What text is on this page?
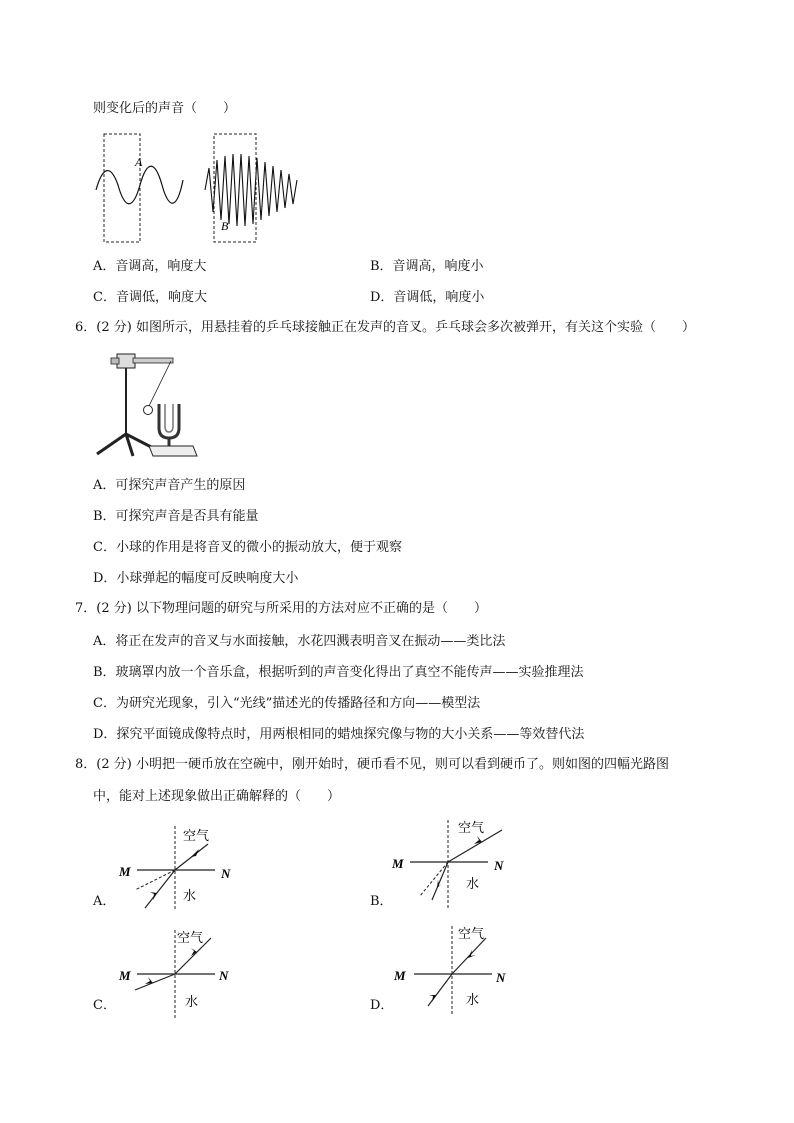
则变化后的声音（　　）
A
B
A．音调高，响度大	B．音调高，响度小
C．音调低，响度大	D．音调低，响度小
6．(2 分) 如图所示，用悬挂着的乒乓球接触正在发声的音叉。乒乓球会多次被弹开，有关这个实验（　　）
A．可探究声音产生的原因
B．可探究声音是否具有能量
C．小球的作用是将音叉的微小的振动放大，便于观察
D．小球弹起的幅度可反映响度大小
7．(2 分) 以下物理问题的研究与所采用的方法对应不正确的是（　　）
A．将正在发声的音叉与水面接触，水花四溅表明音叉在振动——类比法
B．玻璃罩内放一个音乐盒，根据听到的声音变化得出了真空不能传声——实验推理法
C．为研究光现象，引入“光线”描述光的传播路径和方向——模型法
D．探究平面镜成像特点时，用两根相同的蜡烛探究像与物的大小关系——等效替代法
8．(2 分) 小明把一硬币放在空碗中，刚开始时，硬币看不见，则可以看到硬币了。则如图的四幅光路图
中，能对上述现象做出正确解释的（　　）
A．
空气
水
M	N
B．
空气
水
M	N
C．
空气
水
M	N
D．
空气
水
M	N
